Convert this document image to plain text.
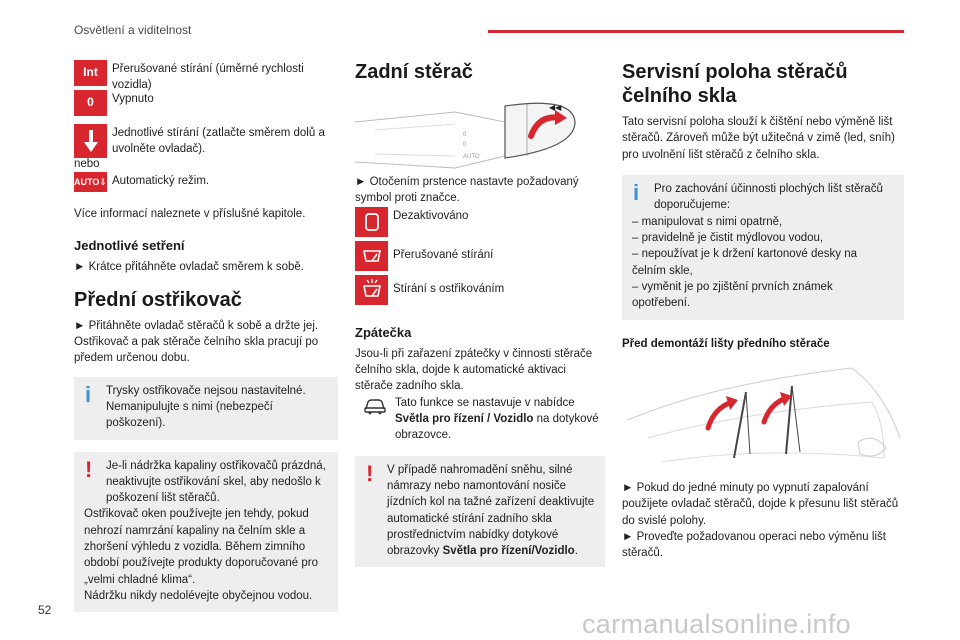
Osvětlení a viditelnost
Int	Přerušované stírání (úměrné rychlosti vozidla)
0	Vypnuto
Jednotlivé stírání (zatlačte směrem dolů a uvolněte ovladač).
nebo
AUTO ⇩ Automatický režim.

Více informací naleznete v příslušné kapitole.

Jednotlivé setření

► Krátce přitáhněte ovladač směrem k sobě.

Přední ostřikovač

► Přitáhněte ovladač stěračů k sobě a držte jej. Ostřikovač a pak stěrače čelního skla pracují po předem určenou dobu.

i	Trysky ostřikovače nejsou nastavitelné. Nemanipulujte s nimi (nebezpečí poškození).

!	Je-li nádržka kapaliny ostřikovačů prázdná, neaktivujte ostřikování skel, aby nedošlo k poškození lišt stěračů.

Ostřikovač oken používejte jen tehdy, pokud nehrozí namrzání kapaliny na čelním skle a zhoršení výhledu z vozidla. Během zimního období používejte produkty doporučované pro „velmi chladné klima“.

Nádržku nikdy nedolévejte obyčejnou vodou.

Zadní stěrač
0
0
AUTO
◀◀

► Otočením prstence nastavte požadovaný symbol proti značce.

Dezaktivováno
Přerušované stírání
Stírání s ostřikováním
Zpátečka

Jsou-li při zařazení zpátečky v činnosti stěrače čelního skla, dojde k automatické aktivaci stěrače zadního skla.

Tato funkce se nastavuje v nabídce Světla pro řízení / Vozidlo na dotykové obrazovce.
!	V případě nahromadění sněhu, silné námrazy nebo namontování nosiče jízdních kol na tažné zařízení deaktivujte automatické stírání zadního skla prostřednictvím nabídky dotykové obrazovky Světla pro řízení/Vozidlo.

Servisní poloha stěračů čelního skla

Tato servisní poloha slouží k čištění nebo výměně lišt stěračů. Zároveň může být užitečná v zimě (led, sníh) pro uvolnění lišt stěračů z čelního skla.

i	Pro zachování účinnosti plochých lišt stěračů doporučujeme:

– manipulovat s nimi opatrně,

– pravidelně je čistit mýdlovou vodou,

– nepoužívat je k držení kartonové desky na čelním skle,

– vyměnit je po zjištění prvních známek opotřebení.

Před demontáží lišty předního stěrače

► Pokud do jedné minuty po vypnutí zapalování použijete ovladač stěračů, dojde k přesunu lišt stěračů do svislé polohy.

► Proveďte požadovanou operaci nebo výměnu lišt stěračů.

52	carmanualsonline.info
